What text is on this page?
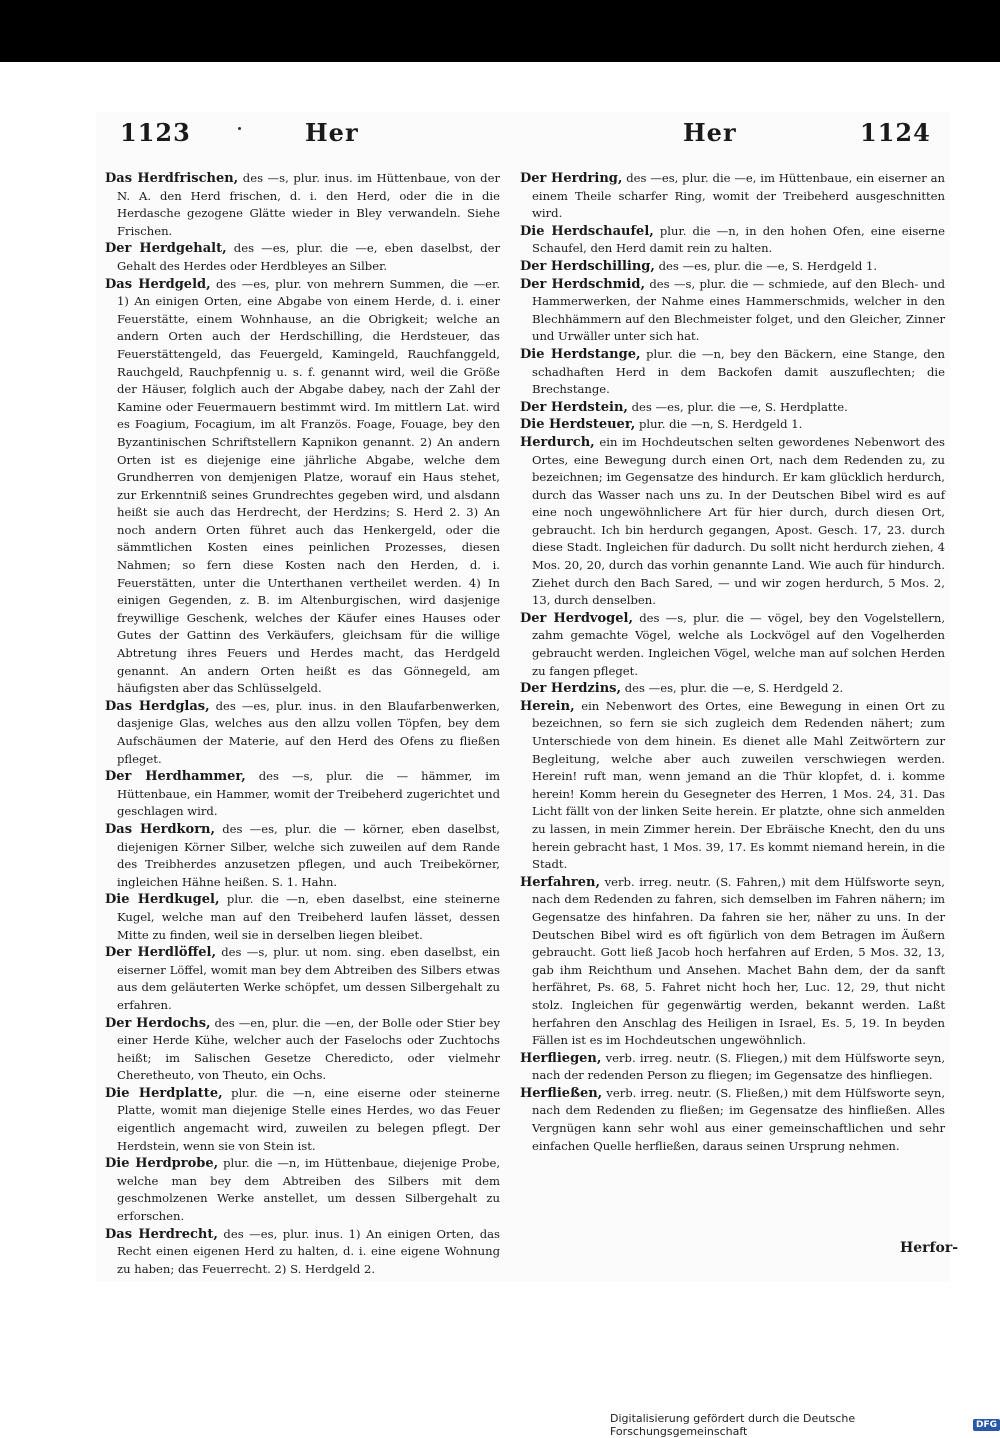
1123	Her	Her	1124

Das Herdfrischen, des —s, plur. inus. im Hüttenbaue, von der N. A. den Herd frischen, d. i. den Herd, oder die in die Herdasche gezogene Glätte wieder in Bley verwandeln. Siehe Frischen.

Der Herdgehalt, des —es, plur. die —e, eben daselbst, der Gehalt des Herdes oder Herdbleyes an Silber.

Das Herdgeld, des —es, plur. von mehrern Summen, die —er. 1) An einigen Orten, eine Abgabe von einem Herde, d. i. einer Feuerstätte, einem Wohnhause, an die Obrigkeit; welche an andern Orten auch der Herdschilling, die Herdsteuer, das Feuerstättengeld, das Feuergeld, Kamingeld, Rauchfanggeld, Rauchgeld, Rauchpfennig u. s. f. genannt wird, weil die Größe der Häuser, folglich auch der Abgabe dabey, nach der Zahl der Kamine oder Feuermauern bestimmt wird. Im mittlern Lat. wird es Foagium, Focagium, im alt Französ. Foage, Fouage, bey den Byzantinischen Schriftstellern Kapnikon genannt. 2) An andern Orten ist es diejenige eine jährliche Abgabe, welche dem Grundherren von demjenigen Platze, worauf ein Haus stehet, zur Erkenntniß seines Grundrechtes gegeben wird, und alsdann heißt sie auch das Herdrecht, der Herdzins; S. Herd 2. 3) An noch andern Orten führet auch das Henkergeld, oder die sämmtlichen Kosten eines peinlichen Prozesses, diesen Nahmen; so fern diese Kosten nach den Herden, d. i. Feuerstätten, unter die Unterthanen vertheilet werden. 4) In einigen Gegenden, z. B. im Altenburgischen, wird dasjenige freywillige Geschenk, welches der Käufer eines Hauses oder Gutes der Gattinn des Verkäufers, gleichsam für die willige Abtretung ihres Feuers und Herdes macht, das Herdgeld genannt. An andern Orten heißt es das Gönnegeld, am häufigsten aber das Schlüsselgeld.

Das Herdglas, des —es, plur. inus. in den Blaufarbenwerken, dasjenige Glas, welches aus den allzu vollen Töpfen, bey dem Aufschäumen der Materie, auf den Herd des Ofens zu fließen pfleget.

Der Herdhammer, des —s, plur. die — hämmer, im Hüttenbaue, ein Hammer, womit der Treibeherd zugerichtet und geschlagen wird.

Das Herdkorn, des —es, plur. die — körner, eben daselbst, diejenigen Körner Silber, welche sich zuweilen auf dem Rande des Treibherdes anzusetzen pflegen, und auch Treibekörner, ingleichen Hähne heißen. S. 1. Hahn.

Die Herdkugel, plur. die —n, eben daselbst, eine steinerne Kugel, welche man auf den Treibeherd laufen lässet, dessen Mitte zu finden, weil sie in derselben liegen bleibet.

Der Herdlöffel, des —s, plur. ut nom. sing. eben daselbst, ein eiserner Löffel, womit man bey dem Abtreiben des Silbers etwas aus dem geläuterten Werke schöpfet, um dessen Silbergehalt zu erfahren.

Der Herdochs, des —en, plur. die —en, der Bolle oder Stier bey einer Herde Kühe, welcher auch der Faselochs oder Zuchtochs heißt; im Salischen Gesetze Cheredicto, oder vielmehr Cheretheuto, von Theuto, ein Ochs.

Die Herdplatte, plur. die —n, eine eiserne oder steinerne Platte, womit man diejenige Stelle eines Herdes, wo das Feuer eigentlich angemacht wird, zuweilen zu belegen pflegt. Der Herdstein, wenn sie von Stein ist.

Die Herdprobe, plur. die —n, im Hüttenbaue, diejenige Probe, welche man bey dem Abtreiben des Silbers mit dem geschmolzenen Werke anstellet, um dessen Silbergehalt zu erforschen.

Das Herdrecht, des —es, plur. inus. 1) An einigen Orten, das Recht einen eigenen Herd zu halten, d. i. eine eigene Wohnung zu haben; das Feuerrecht. 2) S. Herdgeld 2.

Der Herdring, des —es, plur. die —e, im Hüttenbaue, ein eiserner an einem Theile scharfer Ring, womit der Treibeherd ausgeschnitten wird.

Die Herdschaufel, plur. die —n, in den hohen Ofen, eine eiserne Schaufel, den Herd damit rein zu halten.

Der Herdschilling, des —es, plur. die —e, S. Herdgeld 1.

Der Herdschmid, des —s, plur. die — schmiede, auf den Blech- und Hammerwerken, der Nahme eines Hammerschmids, welcher in den Blechhämmern auf den Blechmeister folget, und den Gleicher, Zinner und Urwäller unter sich hat.

Die Herdstange, plur. die —n, bey den Bäckern, eine Stange, den schadhaften Herd in dem Backofen damit auszuflechten; die Brechstange.

Der Herdstein, des —es, plur. die —e, S. Herdplatte.

Die Herdsteuer, plur. die —n, S. Herdgeld 1.

Herdurch, ein im Hochdeutschen selten gewordenes Nebenwort des Ortes, eine Bewegung durch einen Ort, nach dem Redenden zu, zu bezeichnen; im Gegensatze des hindurch. Er kam glücklich herdurch, durch das Wasser nach uns zu. In der Deutschen Bibel wird es auf eine noch ungewöhnlichere Art für hier durch, durch diesen Ort, gebraucht. Ich bin herdurch gegangen, Apost. Gesch. 17, 23. durch diese Stadt. Ingleichen für dadurch. Du sollt nicht herdurch ziehen, 4 Mos. 20, 20, durch das vorhin genannte Land. Wie auch für hindurch. Ziehet durch den Bach Sared, — und wir zogen herdurch, 5 Mos. 2, 13, durch denselben.

Der Herdvogel, des —s, plur. die — vögel, bey den Vogelstellern, zahm gemachte Vögel, welche als Lockvögel auf den Vogelherden gebraucht werden. Ingleichen Vögel, welche man auf solchen Herden zu fangen pfleget.

Der Herdzins, des —es, plur. die —e, S. Herdgeld 2.

Herein, ein Nebenwort des Ortes, eine Bewegung in einen Ort zu bezeichnen, so fern sie sich zugleich dem Redenden nähert; zum Unterschiede von dem hinein. Es dienet alle Mahl Zeitwörtern zur Begleitung, welche aber auch zuweilen verschwiegen werden. Herein! ruft man, wenn jemand an die Thür klopfet, d. i. komme herein! Komm herein du Gesegneter des Herren, 1 Mos. 24, 31. Das Licht fällt von der linken Seite herein. Er platzte, ohne sich anmelden zu lassen, in mein Zimmer herein. Der Ebräische Knecht, den du uns herein gebracht hast, 1 Mos. 39, 17. Es kommt niemand herein, in die Stadt.

Herfahren, verb. irreg. neutr. (S. Fahren,) mit dem Hülfsworte seyn, nach dem Redenden zu fahren, sich demselben im Fahren nähern; im Gegensatze des hinfahren. Da fahren sie her, näher zu uns. In der Deutschen Bibel wird es oft figürlich von dem Betragen im Äußern gebraucht. Gott ließ Jacob hoch herfahren auf Erden, 5 Mos. 32, 13, gab ihm Reichthum und Ansehen. Machet Bahn dem, der da sanft herfähret, Ps. 68, 5. Fahret nicht hoch her, Luc. 12, 29, thut nicht stolz. Ingleichen für gegenwärtig werden, bekannt werden. Laßt herfahren den Anschlag des Heiligen in Israel, Es. 5, 19. In beyden Fällen ist es im Hochdeutschen ungewöhnlich.

Herfliegen, verb. irreg. neutr. (S. Fliegen,) mit dem Hülfsworte seyn, nach der redenden Person zu fliegen; im Gegensatze des hinfliegen.

Herfließen, verb. irreg. neutr. (S. Fließen,) mit dem Hülfsworte seyn, nach dem Redenden zu fließen; im Gegensatze des hinfließen. Alles Vergnügen kann sehr wohl aus einer gemeinschaftlichen und sehr einfachen Quelle herfließen, daraus seinen Ursprung nehmen.

Herfor-
Digitalisierung gefördert durch die Deutsche Forschungsgemeinschaft	DFG
